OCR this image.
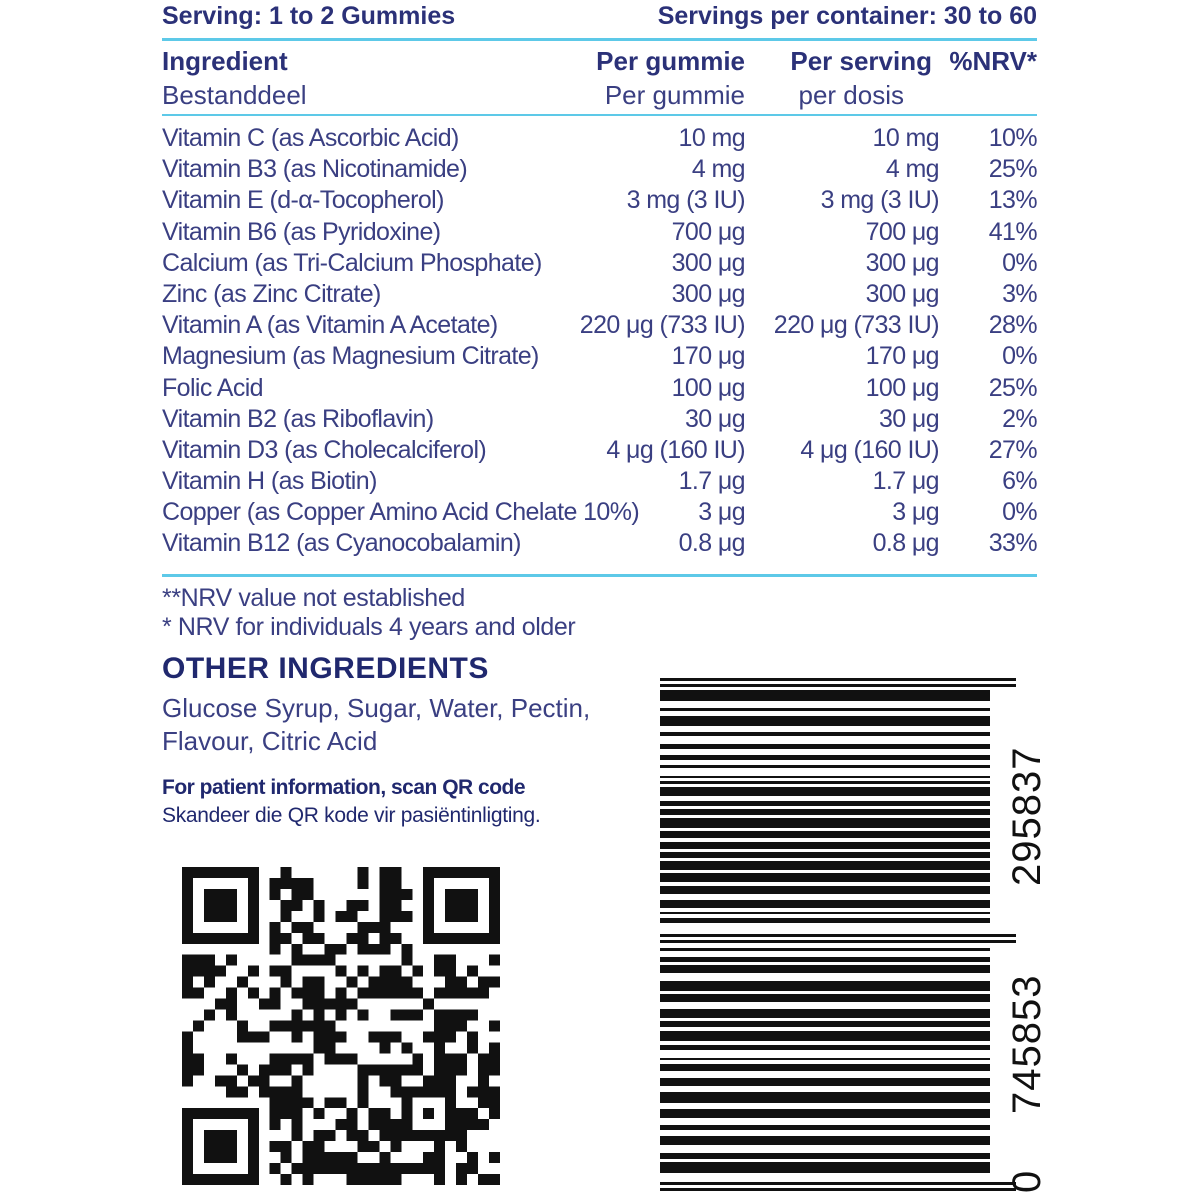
Serving: 1 to 2 Gummies	Servings per container: 30 to 60
Ingredient	Per gummie Per serving %NRV*
Bestanddeel	Per gummie per dosis
Vitamin C (as Ascorbic Acid)	10 mg	10 mg 10%
Vitamin B3 (as Nicotinamide)	4 mg	4 mg 25%
Vitamin E (d-α-Tocopherol)	3 mg (3 IU)	3 mg (3 IU) 13%
Vitamin B6 (as Pyridoxine)	700 μg	700 μg 41%
Calcium (as Tri-Calcium Phosphate)	300 μg	300 μg	0%
Zinc (as Zinc Citrate)	300 μg	300 μg	3%
Vitamin A (as Vitamin A Acetate)	220 μg (733 IU) 220 μg (733 IU) 28%
Magnesium (as Magnesium Citrate)	170 μg	170 μg	0%
Folic Acid	100 μg	100 μg 25%
Vitamin B2 (as Riboflavin)	30 μg	30 μg	2%
Vitamin D3 (as Cholecalciferol)	4 μg (160 IU) 4 μg (160 IU) 27%
Vitamin H (as Biotin)	1.7 μg	1.7 μg	6%
Copper (as Copper Amino Acid Chelate 10%) 3 μg	3 μg	0%
Vitamin B12 (as Cyanocobalamin)	0.8 μg	0.8 μg 33%
**NRV value not established
* NRV for individuals 4 years and older
OTHER INGREDIENTS
Glucose Syrup, Sugar, Water, Pectin, Flavour, Citric Acid
For patient information, scan QR code
Skandeer die QR kode vir pasiëntinligting.
0
745853
295837
